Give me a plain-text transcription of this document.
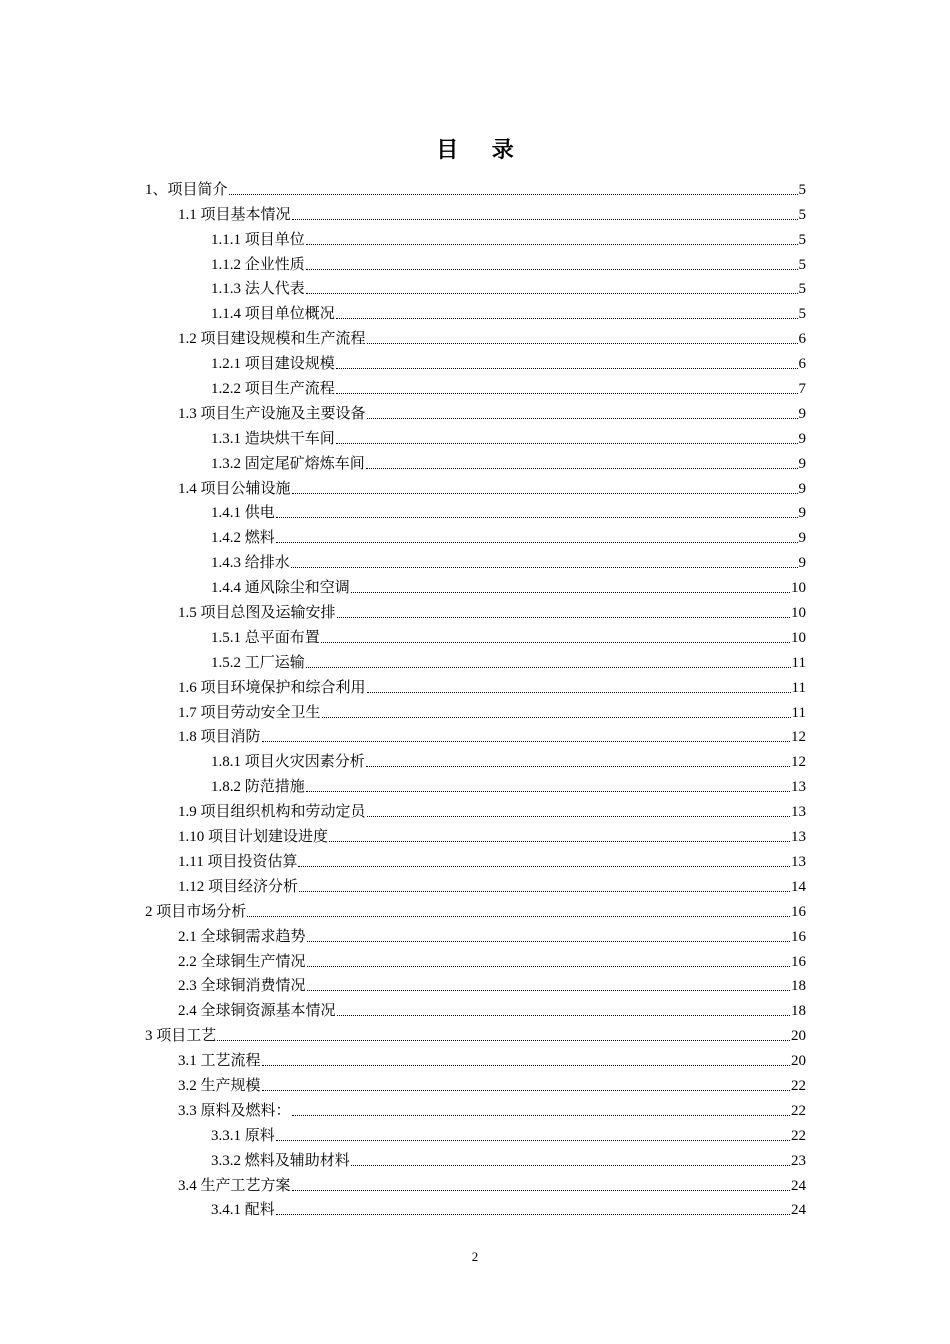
目 录
1、项目简介	5
1.1 项目基本情况	5
1.1.1 项目单位	5
1.1.2 企业性质	5
1.1.3 法人代表	5
1.1.4 项目单位概况	5
1.2 项目建设规模和生产流程	6
1.2.1 项目建设规模	6
1.2.2 项目生产流程	7
1.3 项目生产设施及主要设备	9
1.3.1 造块烘干车间	9
1.3.2 固定尾矿熔炼车间	9
1.4 项目公辅设施	9
1.4.1 供电	9
1.4.2 燃料	9
1.4.3 给排水	9
1.4.4 通风除尘和空调	10
1.5 项目总图及运输安排	10
1.5.1 总平面布置	10
1.5.2 工厂运输	11
1.6 项目环境保护和综合利用	11
1.7 项目劳动安全卫生	11
1.8 项目消防	12
1.8.1 项目火灾因素分析	12
1.8.2 防范措施	13
1.9 项目组织机构和劳动定员	13
1.10 项目计划建设进度	13
1.11 项目投资估算	13
1.12 项目经济分析	14
2 项目市场分析	16
2.1 全球铜需求趋势	16
2.2 全球铜生产情况	16
2.3 全球铜消费情况	18
2.4 全球铜资源基本情况	18
3 项目工艺	20
3.1 工艺流程	20
3.2 生产规模	22
3.3 原料及燃料：	22
3.3.1 原料	22
3.3.2 燃料及辅助材料	23
3.4 生产工艺方案	24
3.4.1 配料	24
2
